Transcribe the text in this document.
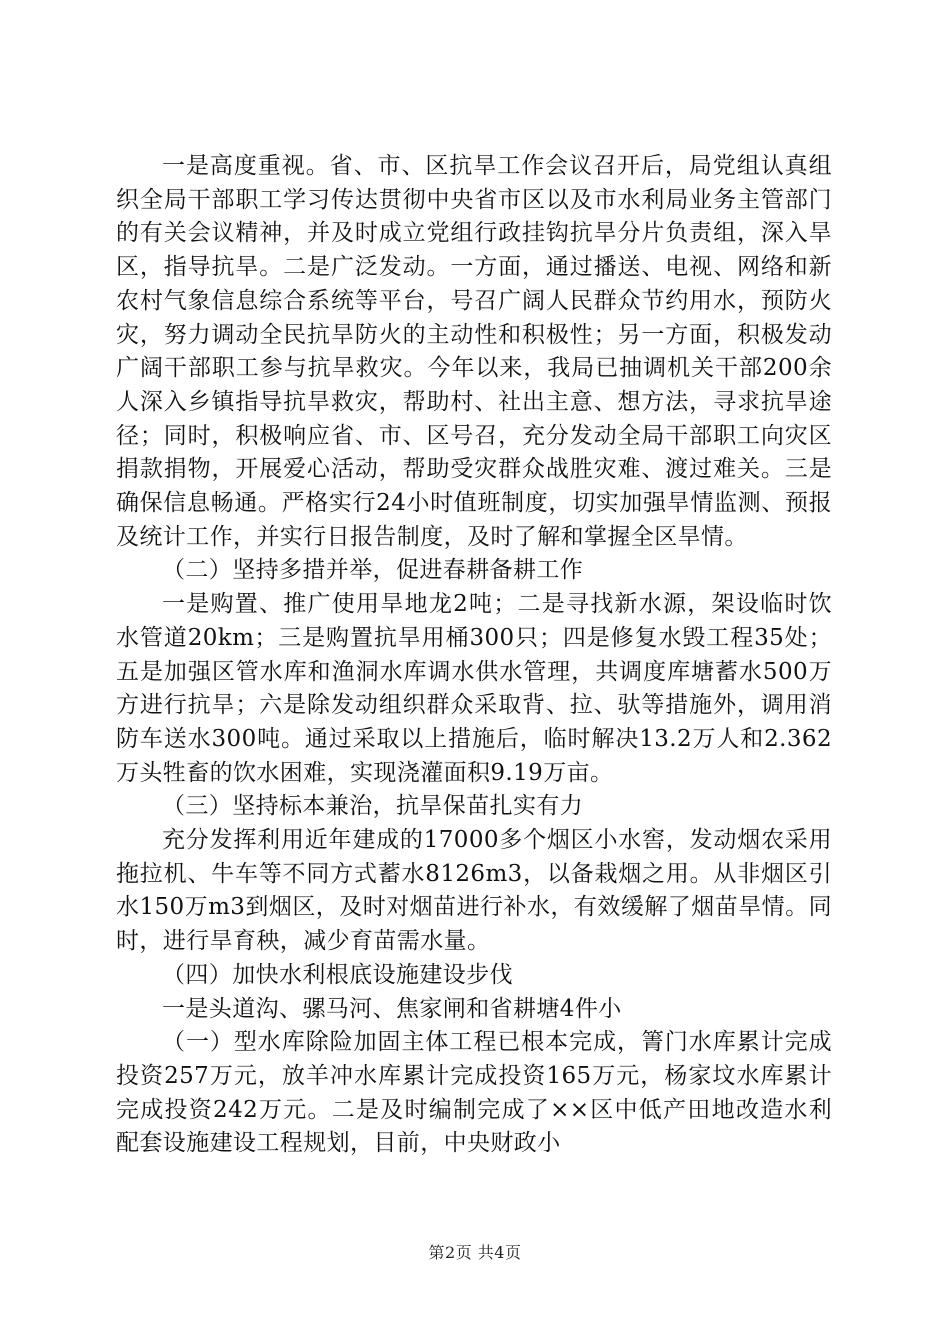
一是高度重视。省、市、区抗旱工作会议召开后，局党组认真组织全局干部职工学习传达贯彻中央省市区以及市水利局业务主管部门的有关会议精神，并及时成立党组行政挂钩抗旱分片负责组，深入旱区，指导抗旱。二是广泛发动。一方面，通过播送、电视、网络和新农村气象信息综合系统等平台，号召广阔人民群众节约用水，预防火灾，努力调动全民抗旱防火的主动性和积极性；另一方面，积极发动广阔干部职工参与抗旱救灾。今年以来，我局已抽调机关干部200余人深入乡镇指导抗旱救灾，帮助村、社出主意、想方法，寻求抗旱途径；同时，积极响应省、市、区号召，充分发动全局干部职工向灾区捐款捐物，开展爱心活动，帮助受灾群众战胜灾难、渡过难关。三是确保信息畅通。严格实行24小时值班制度，切实加强旱情监测、预报及统计工作，并实行日报告制度，及时了解和掌握全区旱情。

（二）坚持多措并举，促进春耕备耕工作

一是购置、推广使用旱地龙2吨；二是寻找新水源，架设临时饮水管道20km；三是购置抗旱用桶300只；四是修复水毁工程35处；五是加强区管水库和渔洞水库调水供水管理，共调度库塘蓄水500万方进行抗旱；六是除发动组织群众采取背、拉、驮等措施外，调用消防车送水300吨。通过采取以上措施后，临时解决13.2万人和2.362万头牲畜的饮水困难，实现浇灌面积9.19万亩。

（三）坚持标本兼治，抗旱保苗扎实有力

充分发挥利用近年建成的17000多个烟区小水窖，发动烟农采用拖拉机、牛车等不同方式蓄水8126m3，以备栽烟之用。从非烟区引水150万m3到烟区，及时对烟苗进行补水，有效缓解了烟苗旱情。同时，进行旱育秧，减少育苗需水量。

（四）加快水利根底设施建设步伐

一是头道沟、骡马河、焦家闸和省耕塘4件小

（一）型水库除险加固主体工程已根本完成，箐门水库累计完成投资257万元，放羊冲水库累计完成投资165万元，杨家坟水库累计完成投资242万元。二是及时编制完成了××区中低产田地改造水利配套设施建设工程规划，目前，中央财政小

第2页 共4页
